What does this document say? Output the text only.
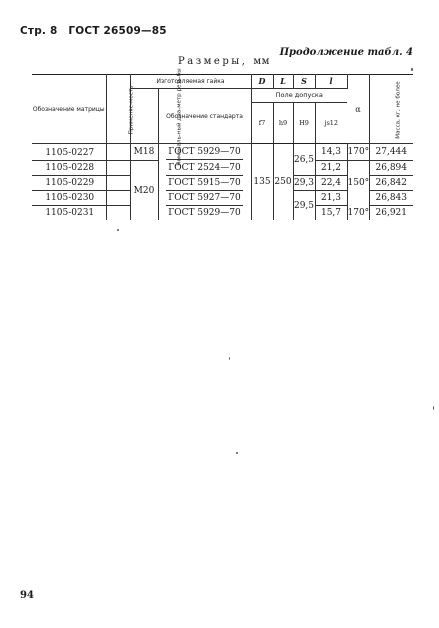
Стр. 8 ГОСТ 26509—85
Продолжение табл. 4
Размеры, мм
Обозначение матрицы	Применяе-мость	Изготовляемая гайка		D	L	S	l	α	Масса, кг, не более
		Номиналь-ный диа-метр резь-бы	Обозначение стандарта	Поле допуска					
				f7	h9	H9	js12		
1105-0227		M18	ГОСТ 5929—70	135	250	26,5	14,3	170°	27,444
1105-0228		M20	ГОСТ 2524—70				21,2	150°	26,894
1105-0229			ГОСТ 5915—70			29,3	22,4		26,842
1105-0230			ГОСТ 5927—70			29,5	21,3		26,843
1105-0231			ГОСТ 5929—70				15,7	170°	26,921
94
